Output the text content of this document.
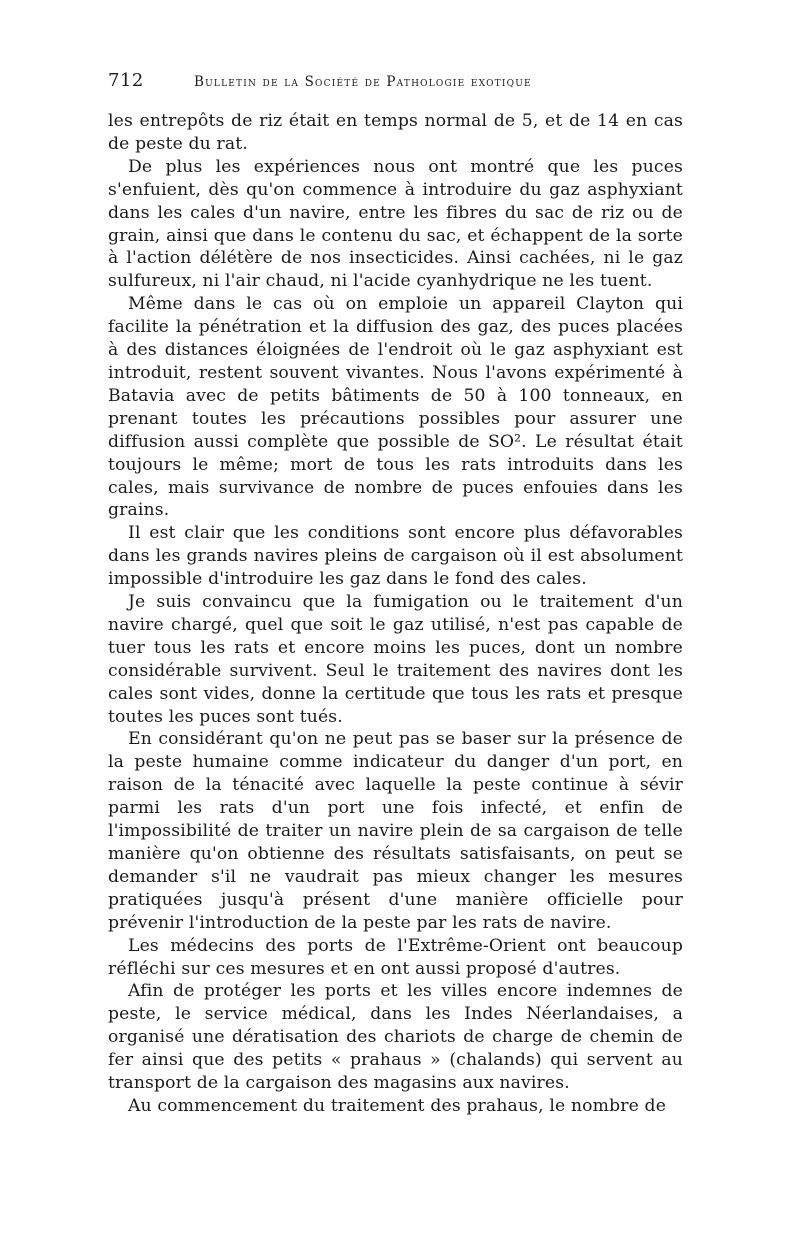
712	Bulletin de la Société de Pathologie exotique

les entrepôts de riz était en temps normal de 5, et de 14 en cas de peste du rat.

De plus les expériences nous ont montré que les puces s'enfuient, dès qu'on commence à introduire du gaz asphyxiant dans les cales d'un navire, entre les fibres du sac de riz ou de grain, ainsi que dans le contenu du sac, et échappent de la sorte à l'action délétère de nos insecticides. Ainsi cachées, ni le gaz sulfureux, ni l'air chaud, ni l'acide cyanhydrique ne les tuent.

Même dans le cas où on emploie un appareil Clayton qui facilite la pénétration et la diffusion des gaz, des puces placées à des distances éloignées de l'endroit où le gaz asphyxiant est introduit, restent souvent vivantes. Nous l'avons expérimenté à Batavia avec de petits bâtiments de 50 à 100 tonneaux, en prenant toutes les précautions possibles pour assurer une diffusion aussi complète que possible de SO². Le résultat était toujours le même; mort de tous les rats introduits dans les cales, mais survivance de nombre de puces enfouies dans les grains.

Il est clair que les conditions sont encore plus défavorables dans les grands navires pleins de cargaison où il est absolument impossible d'introduire les gaz dans le fond des cales.

Je suis convaincu que la fumigation ou le traitement d'un navire chargé, quel que soit le gaz utilisé, n'est pas capable de tuer tous les rats et encore moins les puces, dont un nombre considérable survivent. Seul le traitement des navires dont les cales sont vides, donne la certitude que tous les rats et presque toutes les puces sont tués.

En considérant qu'on ne peut pas se baser sur la présence de la peste humaine comme indicateur du danger d'un port, en raison de la ténacité avec laquelle la peste continue à sévir parmi les rats d'un port une fois infecté, et enfin de l'impossibilité de traiter un navire plein de sa cargaison de telle manière qu'on obtienne des résultats satisfaisants, on peut se demander s'il ne vaudrait pas mieux changer les mesures pratiquées jusqu'à présent d'une manière officielle pour prévenir l'introduction de la peste par les rats de navire.

Les médecins des ports de l'Extrême-Orient ont beaucoup réfléchi sur ces mesures et en ont aussi proposé d'autres.

Afin de protéger les ports et les villes encore indemnes de peste, le service médical, dans les Indes Néerlandaises, a organisé une dératisation des chariots de charge de chemin de fer ainsi que des petits « prahaus » (chalands) qui servent au transport de la cargaison des magasins aux navires.

Au commencement du traitement des prahaus, le nombre de
